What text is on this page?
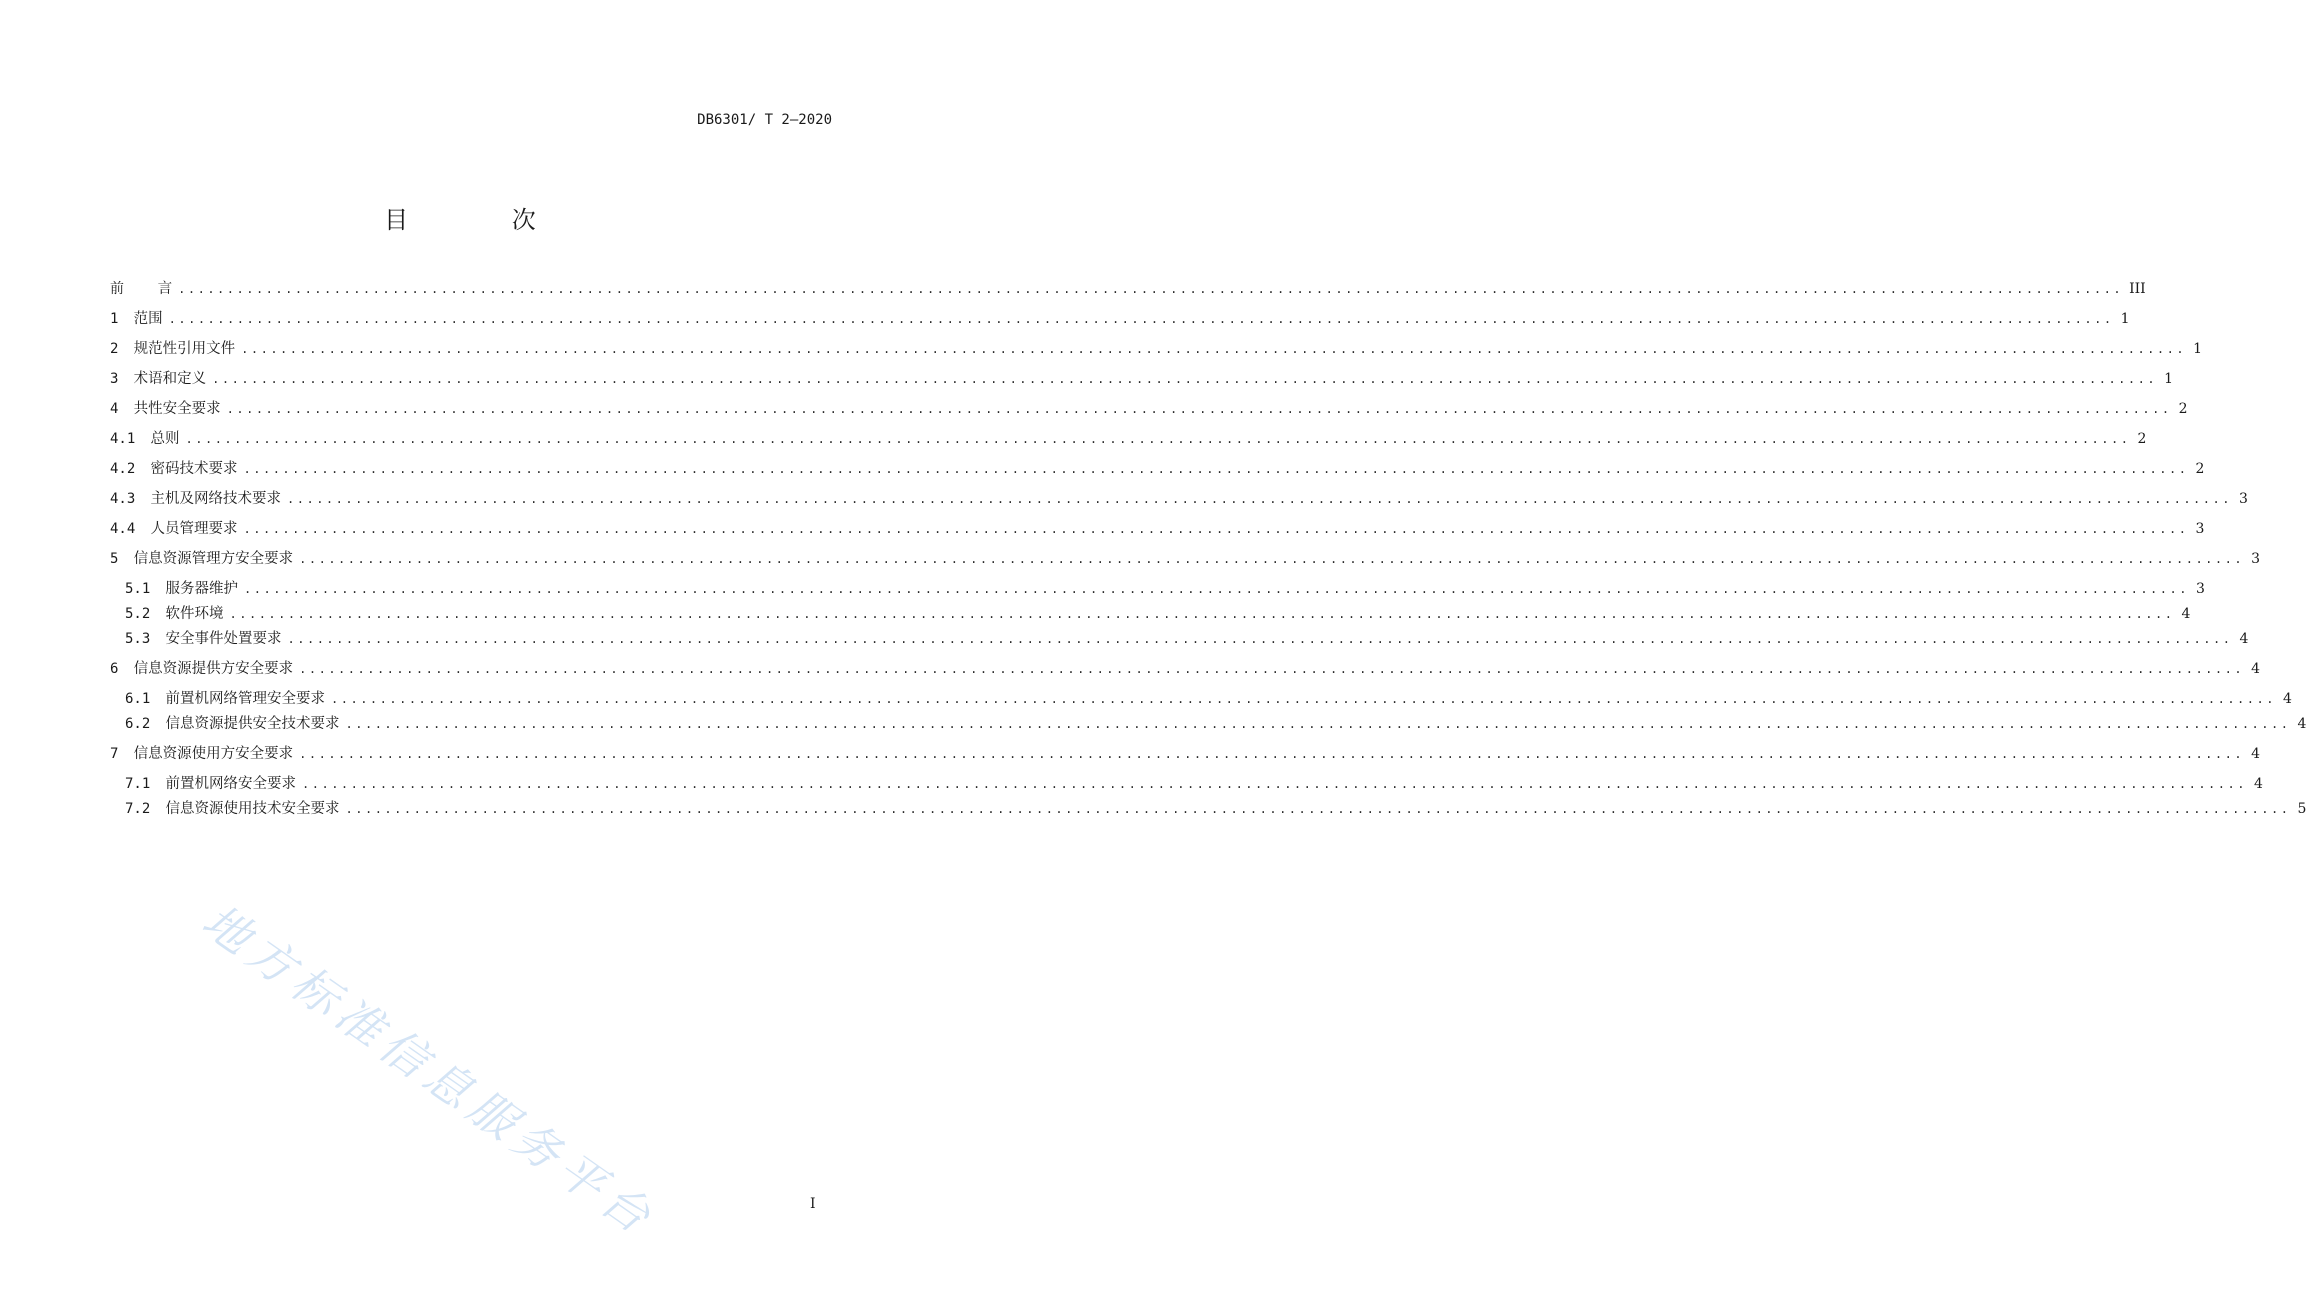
DB6301/ T 2—2020
目 次
前 言 ........................................................................................................................................................................................................ III
1 范围 ........................................................................................................................................................................................................ 1
2 规范性引用文件 ........................................................................................................................................................................................................ 1
3 术语和定义 ........................................................................................................................................................................................................ 1
4 共性安全要求 ........................................................................................................................................................................................................ 2
4.1 总则 ........................................................................................................................................................................................................ 2
4.2 密码技术要求 ........................................................................................................................................................................................................ 2
4.3 主机及网络技术要求 ........................................................................................................................................................................................................ 3
4.4 人员管理要求 ........................................................................................................................................................................................................ 3
5 信息资源管理方安全要求 ........................................................................................................................................................................................................ 3
5.1 服务器维护 ........................................................................................................................................................................................................ 3
5.2 软件环境 ........................................................................................................................................................................................................ 4
5.3 安全事件处置要求 ........................................................................................................................................................................................................ 4
6 信息资源提供方安全要求 ........................................................................................................................................................................................................ 4
6.1 前置机网络管理安全要求 ........................................................................................................................................................................................................ 4
6.2 信息资源提供安全技术要求 ........................................................................................................................................................................................................ 4
7 信息资源使用方安全要求 ........................................................................................................................................................................................................ 4
7.1 前置机网络安全要求 ........................................................................................................................................................................................................ 4
7.2 信息资源使用技术安全要求 ........................................................................................................................................................................................................ 5
I
地方标准信息服务平台
